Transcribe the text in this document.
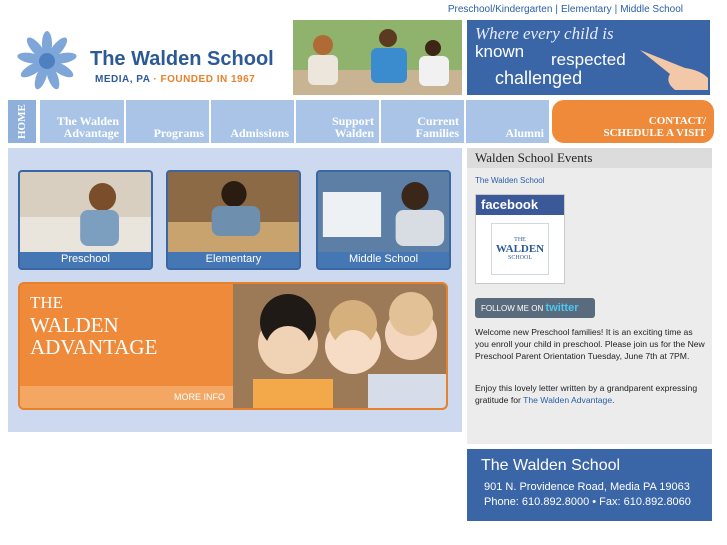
Preschool/Kindergarten | Elementary | Middle School
The Walden School
MEDIA, PA · FOUNDED IN 1967
Where every child is
known respected
challenged
HOME	The Walden
Advantage	Programs Admissions
Support
Walden
Current
Families	Alumni
CONTACT/
SCHEDULE A VISIT
Preschool	Elementary	Middle School
THE
WALDEN
ADVANTAGE
MORE INFO
Walden School Events
The Walden School
facebook
THE
WALDEN
SCHOOL
FOLLOW ME ON twitter
Welcome new Preschool families! It is an exciting time as you enroll your child in preschool. Please join us for the New Preschool Parent Orientation Tuesday, June 7th at 7PM.
Enjoy this lovely letter written by a grandparent expressing gratitude for The Walden Advantage.
The Walden School
901 N. Providence Road, Media PA 19063
Phone: 610.892.8000 • Fax: 610.892.8060
